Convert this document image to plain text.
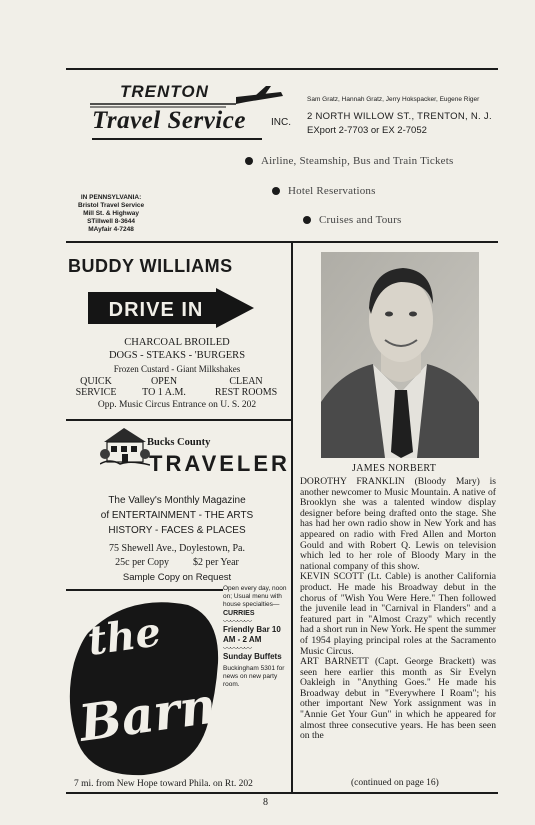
TRENTON
Travel Service	INC.
Sam Gratz, Hannah Gratz, Jerry Hokspacker, Eugene Riger
2 NORTH WILLOW ST., TRENTON, N. J.
EXport 2-7703 or EX 2-7052
Airline, Steamship, Bus and Train Tickets
Hotel Reservations
Cruises and Tours
IN PENNSYLVANIA:
Bristol Travel Service
Mill St. & Highway
STillwell 8-3644
MAyfair 4-7248
BUDDY WILLIAMS
DRIVE IN
CHARCOAL BROILED
DOGS - STEAKS - 'BURGERS
Frozen Custard - Giant Milkshakes
QUICK	OPEN	CLEAN
SERVICE	TO 1 A.M.	REST ROOMS
Opp. Music Circus Entrance on U. S. 202
Bucks County
TRAVELER
The Valley's Monthly Magazine
of ENTERTAINMENT - THE ARTS
HISTORY - FACES & PLACES
75 Shewell Ave., Doylestown, Pa.
25c per Copy $2 per Year
Sample Copy on Request
the
Barn
Open every day, noon on; Usual menu with house specialties—
CURRIES
〰〰〰〰
Friendly Bar 10 AM - 2 AM
〰〰〰〰
Sunday Buffets
Buckingham 5301 for news on new party room.
7 mi. from New Hope toward Phila. on Rt. 202
JAMES NORBERT

DOROTHY FRANKLIN (Bloody Mary) is another newcomer to Music Mountain. A native of Brooklyn she was a talented window display designer before being drafted onto the stage. She has had her own radio show in New York and has appeared on radio with Fred Allen and Morton Gould and with Robert Q. Lewis on television which led to her role of Bloody Mary in the national company of this show.

KEVIN SCOTT (Lt. Cable) is another California product. He made his Broadway debut in the chorus of "Wish You Were Here." Then followed the juvenile lead in "Carnival in Flanders" and a featured part in "Almost Crazy" which recently had a short run in New York. He spent the summer of 1954 playing principal roles at the Sacramento Music Circus.

ART BARNETT (Capt. George Brackett) was seen here earlier this month as Sir Evelyn Oakleigh in "Anything Goes." He made his Broadway debut in "Everywhere I Roam"; his other important New York assignment was in "Annie Get Your Gun" in which he appeared for almost three consecutive years. He has been seen on the

(continued on page 16)
8
